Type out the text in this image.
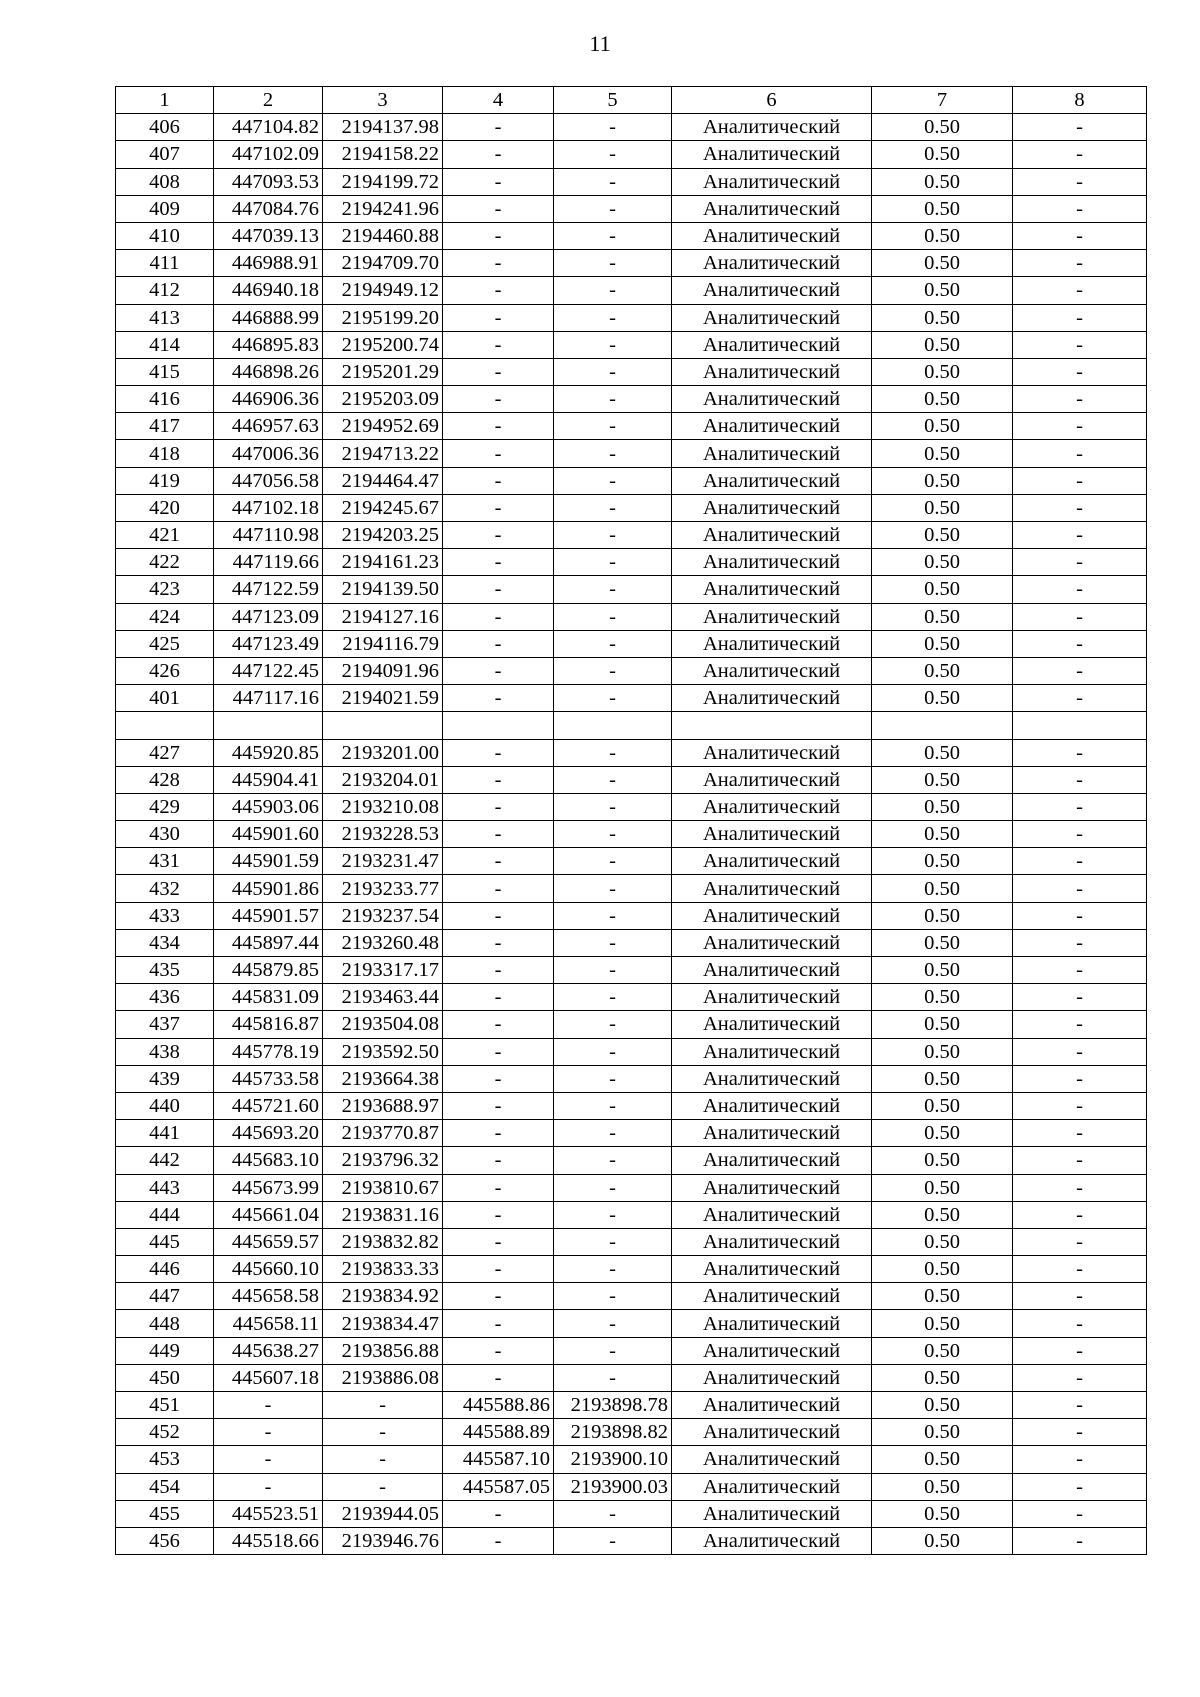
11
1	2	3	4	5	6	7	8
406	447104.82	2194137.98	-	-	Аналитический	0.50	-
407	447102.09	2194158.22	-	-	Аналитический	0.50	-
408	447093.53	2194199.72	-	-	Аналитический	0.50	-
409	447084.76	2194241.96	-	-	Аналитический	0.50	-
410	447039.13	2194460.88	-	-	Аналитический	0.50	-
411	446988.91	2194709.70	-	-	Аналитический	0.50	-
412	446940.18	2194949.12	-	-	Аналитический	0.50	-
413	446888.99	2195199.20	-	-	Аналитический	0.50	-
414	446895.83	2195200.74	-	-	Аналитический	0.50	-
415	446898.26	2195201.29	-	-	Аналитический	0.50	-
416	446906.36	2195203.09	-	-	Аналитический	0.50	-
417	446957.63	2194952.69	-	-	Аналитический	0.50	-
418	447006.36	2194713.22	-	-	Аналитический	0.50	-
419	447056.58	2194464.47	-	-	Аналитический	0.50	-
420	447102.18	2194245.67	-	-	Аналитический	0.50	-
421	447110.98	2194203.25	-	-	Аналитический	0.50	-
422	447119.66	2194161.23	-	-	Аналитический	0.50	-
423	447122.59	2194139.50	-	-	Аналитический	0.50	-
424	447123.09	2194127.16	-	-	Аналитический	0.50	-
425	447123.49	2194116.79	-	-	Аналитический	0.50	-
426	447122.45	2194091.96	-	-	Аналитический	0.50	-
401	447117.16	2194021.59	-	-	Аналитический	0.50	-

427	445920.85	2193201.00	-	-	Аналитический	0.50	-
428	445904.41	2193204.01	-	-	Аналитический	0.50	-
429	445903.06	2193210.08	-	-	Аналитический	0.50	-
430	445901.60	2193228.53	-	-	Аналитический	0.50	-
431	445901.59	2193231.47	-	-	Аналитический	0.50	-
432	445901.86	2193233.77	-	-	Аналитический	0.50	-
433	445901.57	2193237.54	-	-	Аналитический	0.50	-
434	445897.44	2193260.48	-	-	Аналитический	0.50	-
435	445879.85	2193317.17	-	-	Аналитический	0.50	-
436	445831.09	2193463.44	-	-	Аналитический	0.50	-
437	445816.87	2193504.08	-	-	Аналитический	0.50	-
438	445778.19	2193592.50	-	-	Аналитический	0.50	-
439	445733.58	2193664.38	-	-	Аналитический	0.50	-
440	445721.60	2193688.97	-	-	Аналитический	0.50	-
441	445693.20	2193770.87	-	-	Аналитический	0.50	-
442	445683.10	2193796.32	-	-	Аналитический	0.50	-
443	445673.99	2193810.67	-	-	Аналитический	0.50	-
444	445661.04	2193831.16	-	-	Аналитический	0.50	-
445	445659.57	2193832.82	-	-	Аналитический	0.50	-
446	445660.10	2193833.33	-	-	Аналитический	0.50	-
447	445658.58	2193834.92	-	-	Аналитический	0.50	-
448	445658.11	2193834.47	-	-	Аналитический	0.50	-
449	445638.27	2193856.88	-	-	Аналитический	0.50	-
450	445607.18	2193886.08	-	-	Аналитический	0.50	-
451	-	-	445588.86	2193898.78	Аналитический	0.50	-
452	-	-	445588.89	2193898.82	Аналитический	0.50	-
453	-	-	445587.10	2193900.10	Аналитический	0.50	-
454	-	-	445587.05	2193900.03	Аналитический	0.50	-
455	445523.51	2193944.05	-	-	Аналитический	0.50	-
456	445518.66	2193946.76	-	-	Аналитический	0.50	-
